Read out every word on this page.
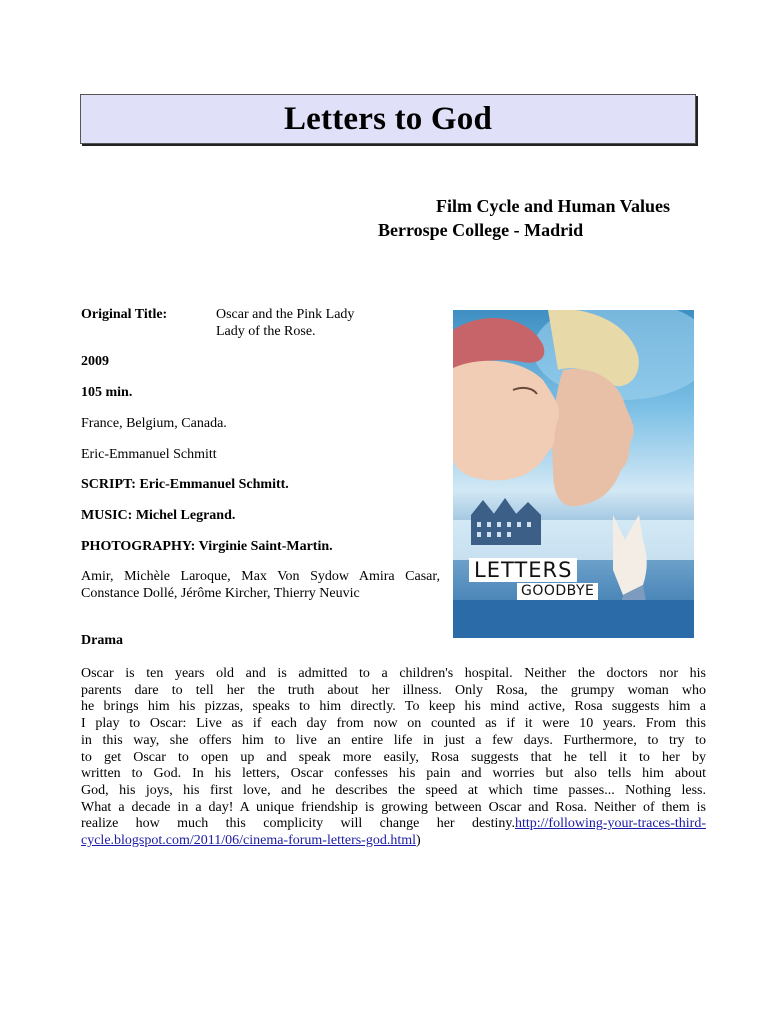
Letters to God
Film Cycle and Human Values
Berrospe College - Madrid
Original Title:	Oscar and the Pink Lady
Lady of the Rose.
2009
105 min.
France, Belgium, Canada.
Eric-Emmanuel Schmitt
SCRIPT: Eric-Emmanuel Schmitt.
MUSIC: Michel Legrand.
PHOTOGRAPHY: Virginie Saint-Martin.
Amir, Michèle Laroque, Max Von Sydow Amira Casar, Constance Dollé, Jérôme Kircher, Thierry Neuvic
Drama
LETTERS
GOODBYE
Oscar is ten years old and is admitted to a children's hospital. Neither the doctors nor his
parents dare to tell her the truth about her illness. Only Rosa, the grumpy woman who
he brings him his pizzas, speaks to him directly. To keep his mind active, Rosa suggests him a
I play to Oscar: Live as if each day from now on counted as if it were 10 years. From this
in this way, she offers him to live an entire life in just a few days. Furthermore, to try to
to get Oscar to open up and speak more easily, Rosa suggests that he tell it to her by
written to God. In his letters, Oscar confesses his pain and worries but also tells him about
God, his joys, his first love, and he describes the speed at which time passes... Nothing less.
What a decade in a day! A unique friendship is growing between Oscar and Rosa. Neither of them is
realize how much this complicity will change her destiny.http://following-your-traces-third-cycle.blogspot.com/2011/06/cinema-forum-letters-god.html)
